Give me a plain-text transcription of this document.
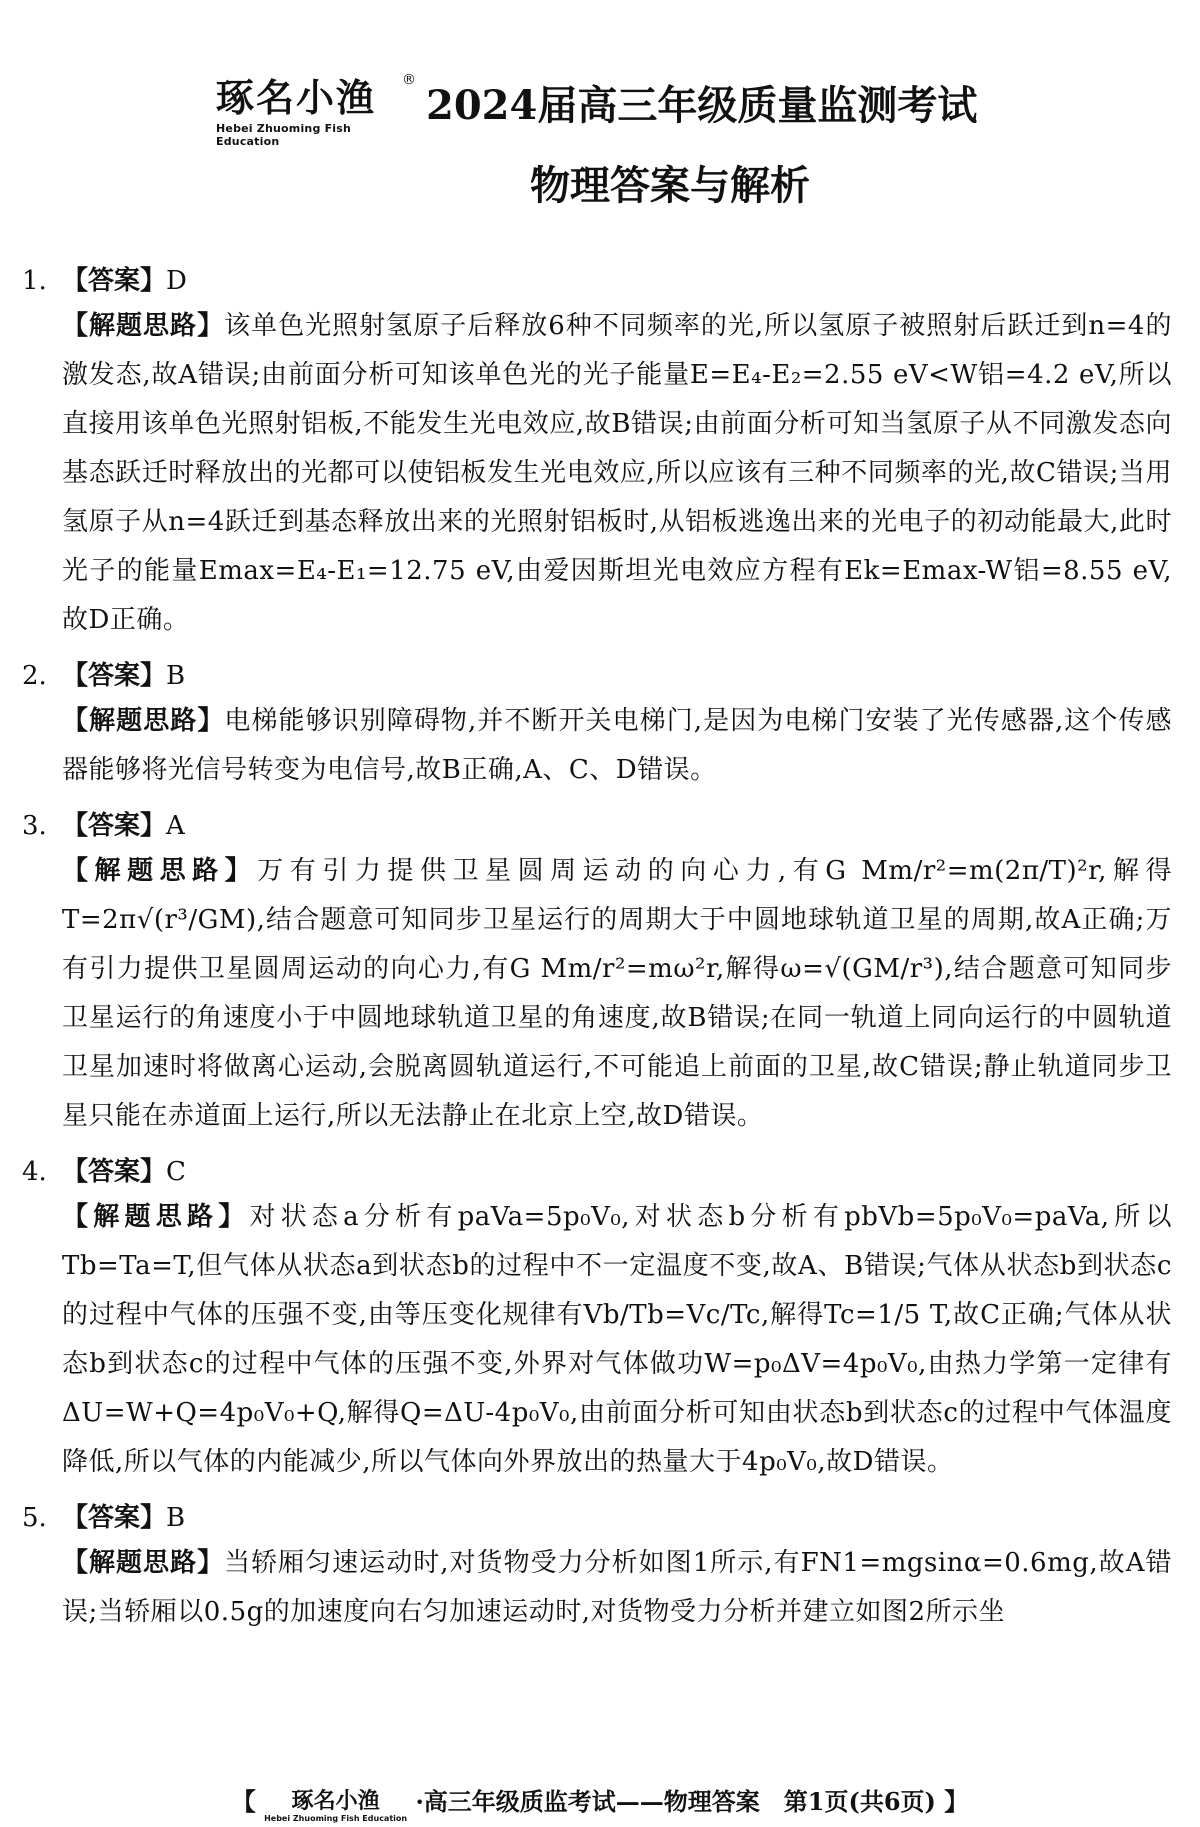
琢名小渔	®
Hebei Zhuoming Fish Education
2024届高三年级质量监测考试
物理答案与解析
1. 【答案】D
【解题思路】该单色光照射氢原子后释放6种不同频率的光,所以氢原子被照射后跃迁到n=4的激发态,故A错误;由前面分析可知该单色光的光子能量E=E₄-E₂=2.55 eV<W铝=4.2 eV,所以直接用该单色光照射铝板,不能发生光电效应,故B错误;由前面分析可知当氢原子从不同激发态向基态跃迁时释放出的光都可以使铝板发生光电效应,所以应该有三种不同频率的光,故C错误;当用氢原子从n=4跃迁到基态释放出来的光照射铝板时,从铝板逃逸出来的光电子的初动能最大,此时光子的能量Emax=E₄-E₁=12.75 eV,由爱因斯坦光电效应方程有Ek=Emax-W铝=8.55 eV,故D正确。
2. 【答案】B
【解题思路】电梯能够识别障碍物,并不断开关电梯门,是因为电梯门安装了光传感器,这个传感器能够将光信号转变为电信号,故B正确,A、C、D错误。
3. 【答案】A
【解题思路】万有引力提供卫星圆周运动的向心力,有G Mm/r²=m(2π/T)²r,解得T=2π√(r³/GM),结合题意可知同步卫星运行的周期大于中圆地球轨道卫星的周期,故A正确;万有引力提供卫星圆周运动的向心力,有G Mm/r²=mω²r,解得ω=√(GM/r³),结合题意可知同步卫星运行的角速度小于中圆地球轨道卫星的角速度,故B错误;在同一轨道上同向运行的中圆轨道卫星加速时将做离心运动,会脱离圆轨道运行,不可能追上前面的卫星,故C错误;静止轨道同步卫星只能在赤道面上运行,所以无法静止在北京上空,故D错误。
4. 【答案】C
【解题思路】对状态a分析有paVa=5p₀V₀,对状态b分析有pbVb=5p₀V₀=paVa,所以Tb=Ta=T,但气体从状态a到状态b的过程中不一定温度不变,故A、B错误;气体从状态b到状态c的过程中气体的压强不变,由等压变化规律有Vb/Tb=Vc/Tc,解得Tc=1/5 T,故C正确;气体从状态b到状态c的过程中气体的压强不变,外界对气体做功W=p₀ΔV=4p₀V₀,由热力学第一定律有ΔU=W+Q=4p₀V₀+Q,解得Q=ΔU-4p₀V₀,由前面分析可知由状态b到状态c的过程中气体温度降低,所以气体的内能减少,所以气体向外界放出的热量大于4p₀V₀,故D错误。
5. 【答案】B
【解题思路】当轿厢匀速运动时,对货物受力分析如图1所示,有FN1=mgsinα=0.6mg,故A错误;当轿厢以0.5g的加速度向右匀加速运动时,对货物受力分析并建立如图2所示坐
【 琢名小渔
Hebei Zhuoming Fish Education
·高三年级质监考试——物理答案　第1页(共6页) 】
